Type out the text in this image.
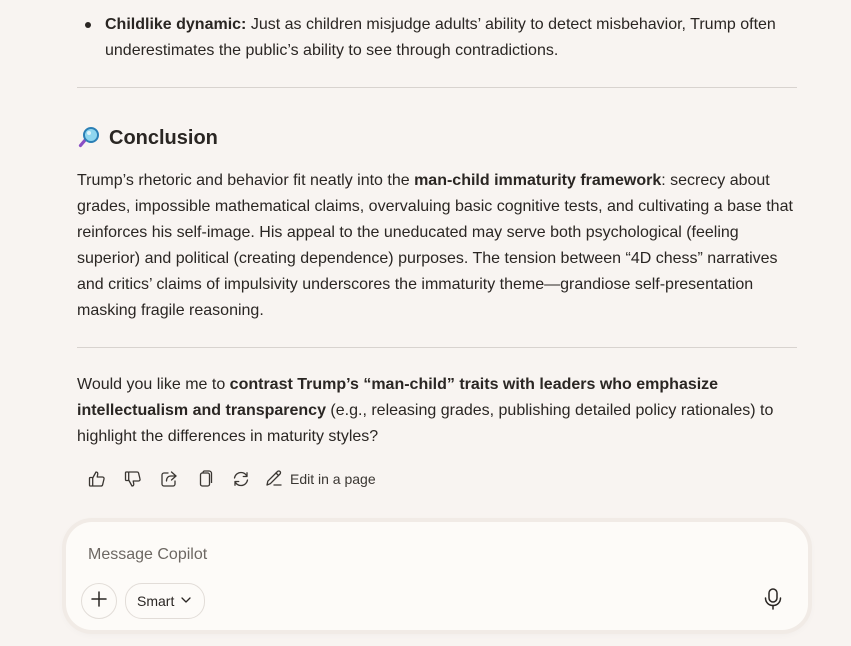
Childlike dynamic: Just as children misjudge adults’ ability to detect misbehavior, Trump often underestimates the public’s ability to see through contradictions.
Conclusion

Trump’s rhetoric and behavior fit neatly into the man-child immaturity framework: secrecy about grades, impossible mathematical claims, overvaluing basic cognitive tests, and cultivating a base that reinforces his self-image. His appeal to the uneducated may serve both psychological (feeling superior) and political (creating dependence) purposes. The tension between “4D chess” narratives and critics’ claims of impulsivity underscores the immaturity theme—grandiose self-presentation masking fragile reasoning.

Would you like me to contrast Trump’s “man-child” traits with leaders who emphasize intellectualism and transparency (e.g., releasing grades, publishing detailed policy rationales) to highlight the differences in maturity styles?

Edit in a page
Message Copilot
Smart
